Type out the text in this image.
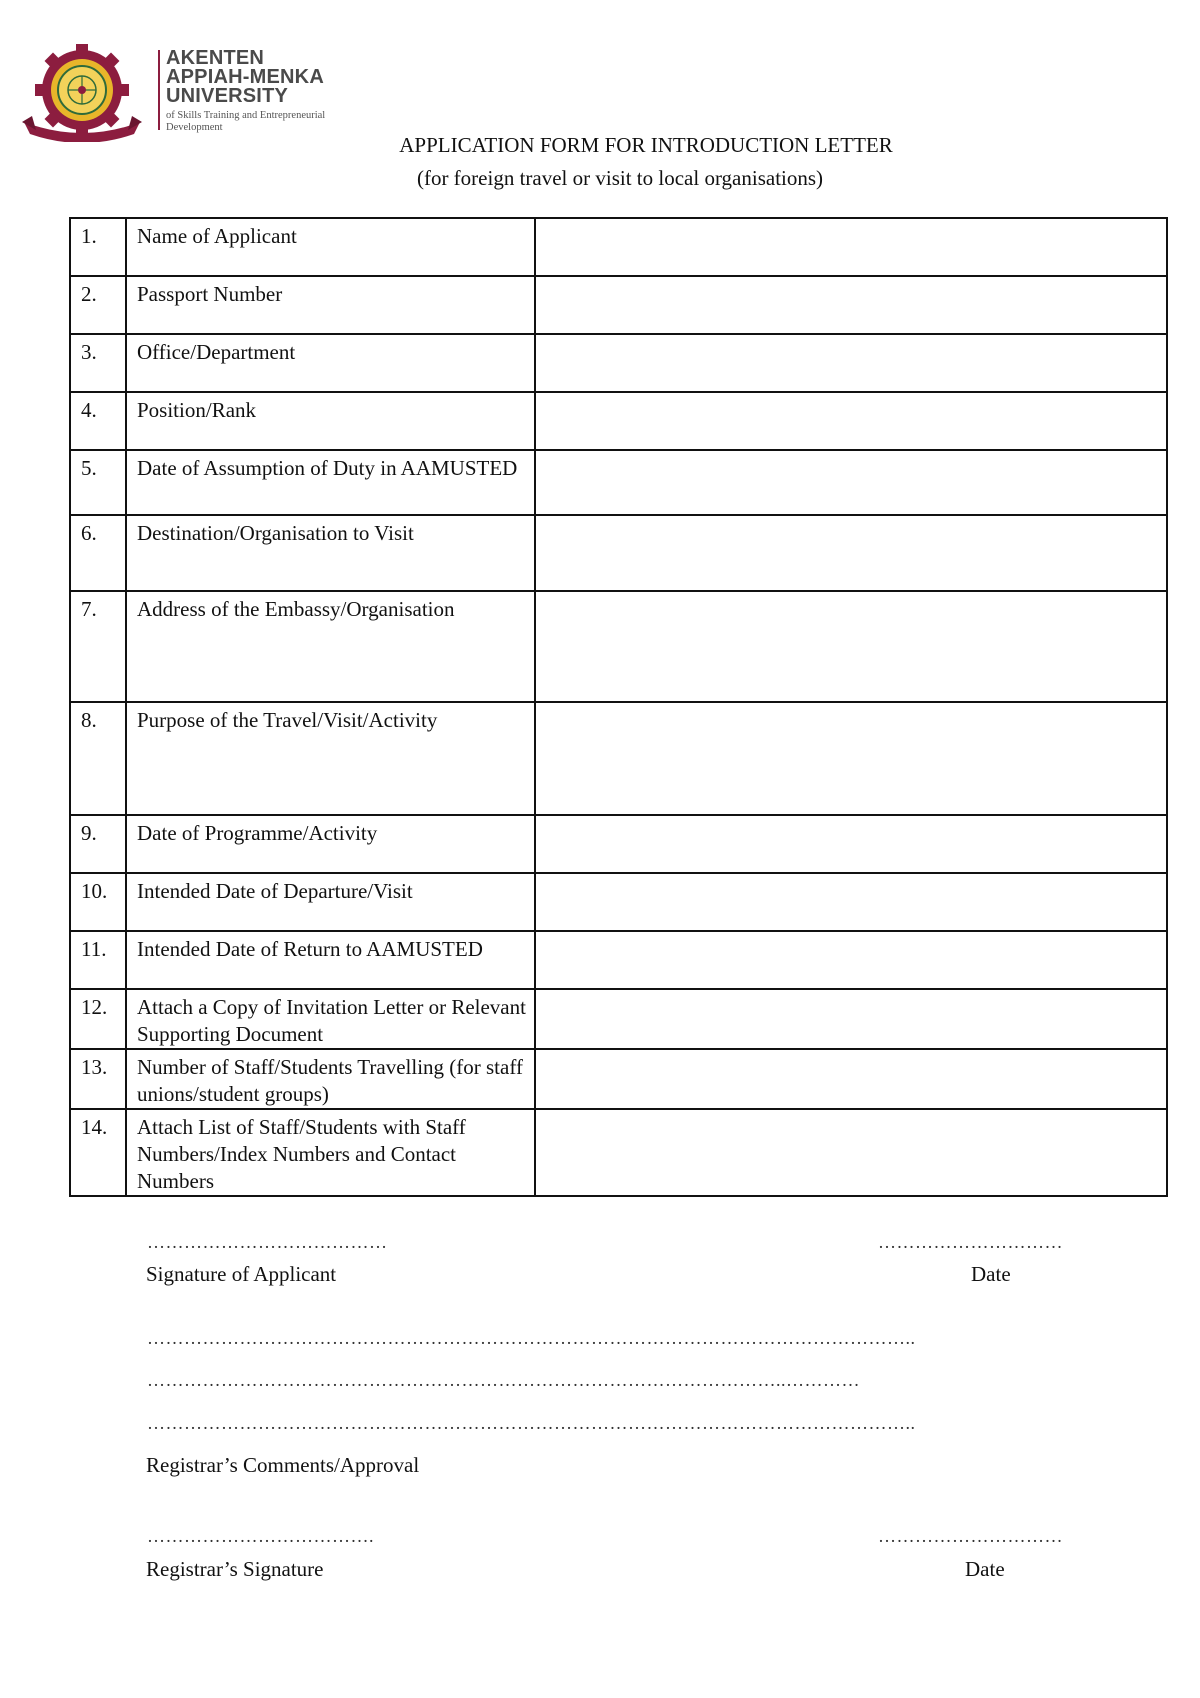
AKENTEN
APPIAH-MENKA
UNIVERSITY
of Skills Training and Entrepreneurial
Development
APPLICATION FORM FOR INTRODUCTION LETTER
(for foreign travel or visit to local organisations)
1.	Name of Applicant	
2.	Passport Number	
3.	Office/Department	
4.	Position/Rank	
5.	Date of Assumption of Duty in AAMUSTED	
6.	Destination/Organisation to Visit	
7.	Address of the Embassy/Organisation	
8.	Purpose of the Travel/Visit/Activity	
9.	Date of Programme/Activity	
10.	Intended Date of Departure/Visit	
11.	Intended Date of Return to AAMUSTED	
12.	Attach a Copy of Invitation Letter or Relevant Supporting Document	
13.	Number of Staff/Students Travelling (for staff unions/student groups)	
14.	Attach List of Staff/Students with Staff Numbers/Index Numbers and Contact Numbers	
…………………………………	…………………………
Signature of Applicant	Date
……………………………………………………………………………………………………………..
…………………………………………………………………………………………..…………
……………………………………………………………………………………………………………..
Registrar’s Comments/Approval
……………………………….	…………………………
Registrar’s Signature	Date
